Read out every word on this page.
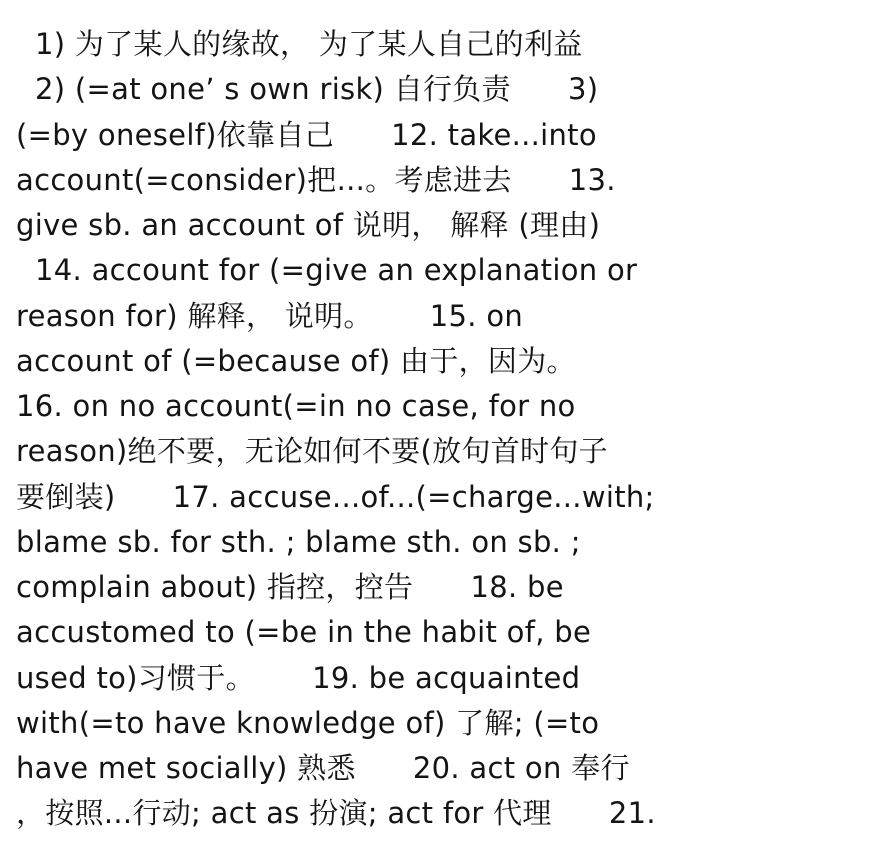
1) 为了某人的缘故， 为了某人自己的利益
2) (=at one’ s own risk) 自行负责      3)
(=by oneself)依靠自己      12. take...into
account(=consider)把...。考虑进去      13.
give sb. an account of 说明， 解释 (理由)
14. account for (=give an explanation or
reason for) 解释， 说明。      15. on
account of (=because of) 由于，因为。
16. on no account(=in no case, for no
reason)绝不要，无论如何不要(放句首时句子
要倒装)      17. accuse...of...(=charge...with;
blame sb. for sth. ; blame sth. on sb. ;
complain about) 指控，控告      18. be
accustomed to (=be in the habit of, be
used to)习惯于。      19. be acquainted
with(=to have knowledge of) 了解; (=to
have met socially) 熟悉      20. act on 奉行
，按照...行动; act as 扮演; act for 代理      21.
